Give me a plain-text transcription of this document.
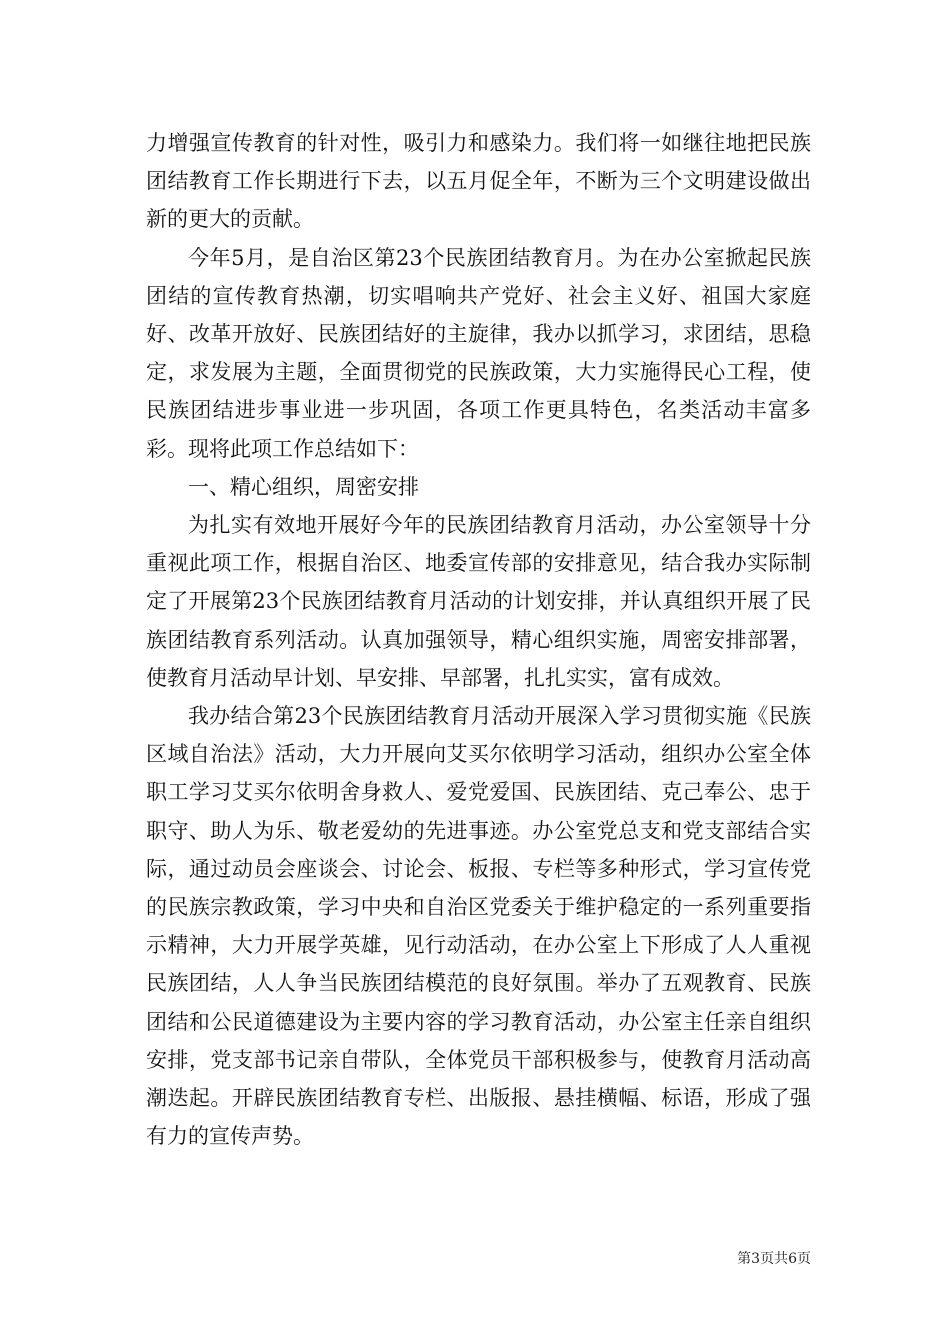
力增强宣传教育的针对性，吸引力和感染力。我们将一如继往地把民族团结教育工作长期进行下去，以五月促全年，不断为三个文明建设做出新的更大的贡献。

今年5月，是自治区第23个民族团结教育月。为在办公室掀起民族团结的宣传教育热潮，切实唱响共产党好、社会主义好、祖国大家庭好、改革开放好、民族团结好的主旋律，我办以抓学习，求团结，思稳定，求发展为主题，全面贯彻党的民族政策，大力实施得民心工程，使民族团结进步事业进一步巩固，各项工作更具特色，名类活动丰富多彩。现将此项工作总结如下：

一、精心组织，周密安排

为扎实有效地开展好今年的民族团结教育月活动，办公室领导十分重视此项工作，根据自治区、地委宣传部的安排意见，结合我办实际制定了开展第23个民族团结教育月活动的计划安排，并认真组织开展了民族团结教育系列活动。认真加强领导，精心组织实施，周密安排部署，使教育月活动早计划、早安排、早部署，扎扎实实，富有成效。

我办结合第23个民族团结教育月活动开展深入学习贯彻实施《民族区域自治法》活动，大力开展向艾买尔依明学习活动，组织办公室全体职工学习艾买尔依明舍身救人、爱党爱国、民族团结、克己奉公、忠于职守、助人为乐、敬老爱幼的先进事迹。办公室党总支和党支部结合实际，通过动员会座谈会、讨论会、板报、专栏等多种形式，学习宣传党的民族宗教政策，学习中央和自治区党委关于维护稳定的一系列重要指示精神，大力开展学英雄，见行动活动，在办公室上下形成了人人重视民族团结，人人争当民族团结模范的良好氛围。举办了五观教育、民族团结和公民道德建设为主要内容的学习教育活动，办公室主任亲自组织安排，党支部书记亲自带队，全体党员干部积极参与，使教育月活动高潮迭起。开辟民族团结教育专栏、出版报、悬挂横幅、标语，形成了强有力的宣传声势。

第3页共6页
